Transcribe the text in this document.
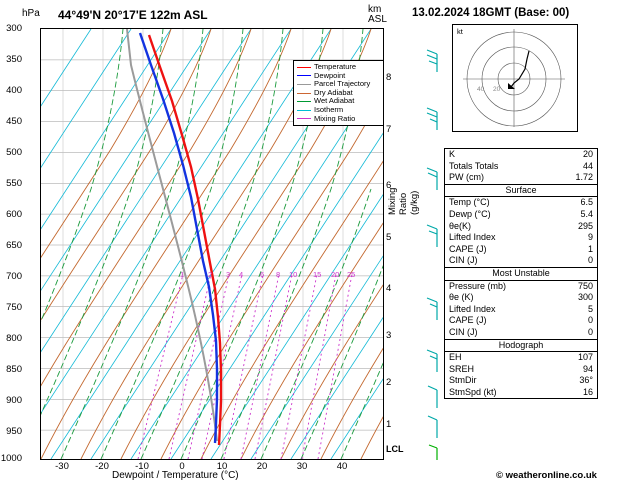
hPa 44°49'N 20°17'E 122m ASL	km
ASL
1	2 3 4 6 8 10 15 20 25
Temperature
Dewpoint
Parcel Trajectory
Dry Adiabat
Wet Adiabat
Isotherm
Mixing Ratio
300
350
400
450
500
550
600
650
700
750
800
850
900
950
1000
-30	-20	-10	0	10	20	30	40
Dewpoint / Temperature (°C)
8
7
6
5
4
3
2
1
Mixing Ratio (g/kg)
LCL
13.02.2024 18GMT (Base: 00)
kt
20
40
K	20
Totals Totals	44
PW (cm)	1.72
Surface
Temp (°C)	6.5
Dewp (°C)	5.4
θe(K)	295
Lifted Index	9
CAPE (J)	1
CIN (J)	0
Most Unstable
Pressure (mb)	750
θe (K)	300
Lifted Index	5
CAPE (J)	0
CIN (J)	0
Hodograph
EH	107
SREH	94
StmDir	36°
StmSpd (kt)	16
© weatheronline.co.uk
